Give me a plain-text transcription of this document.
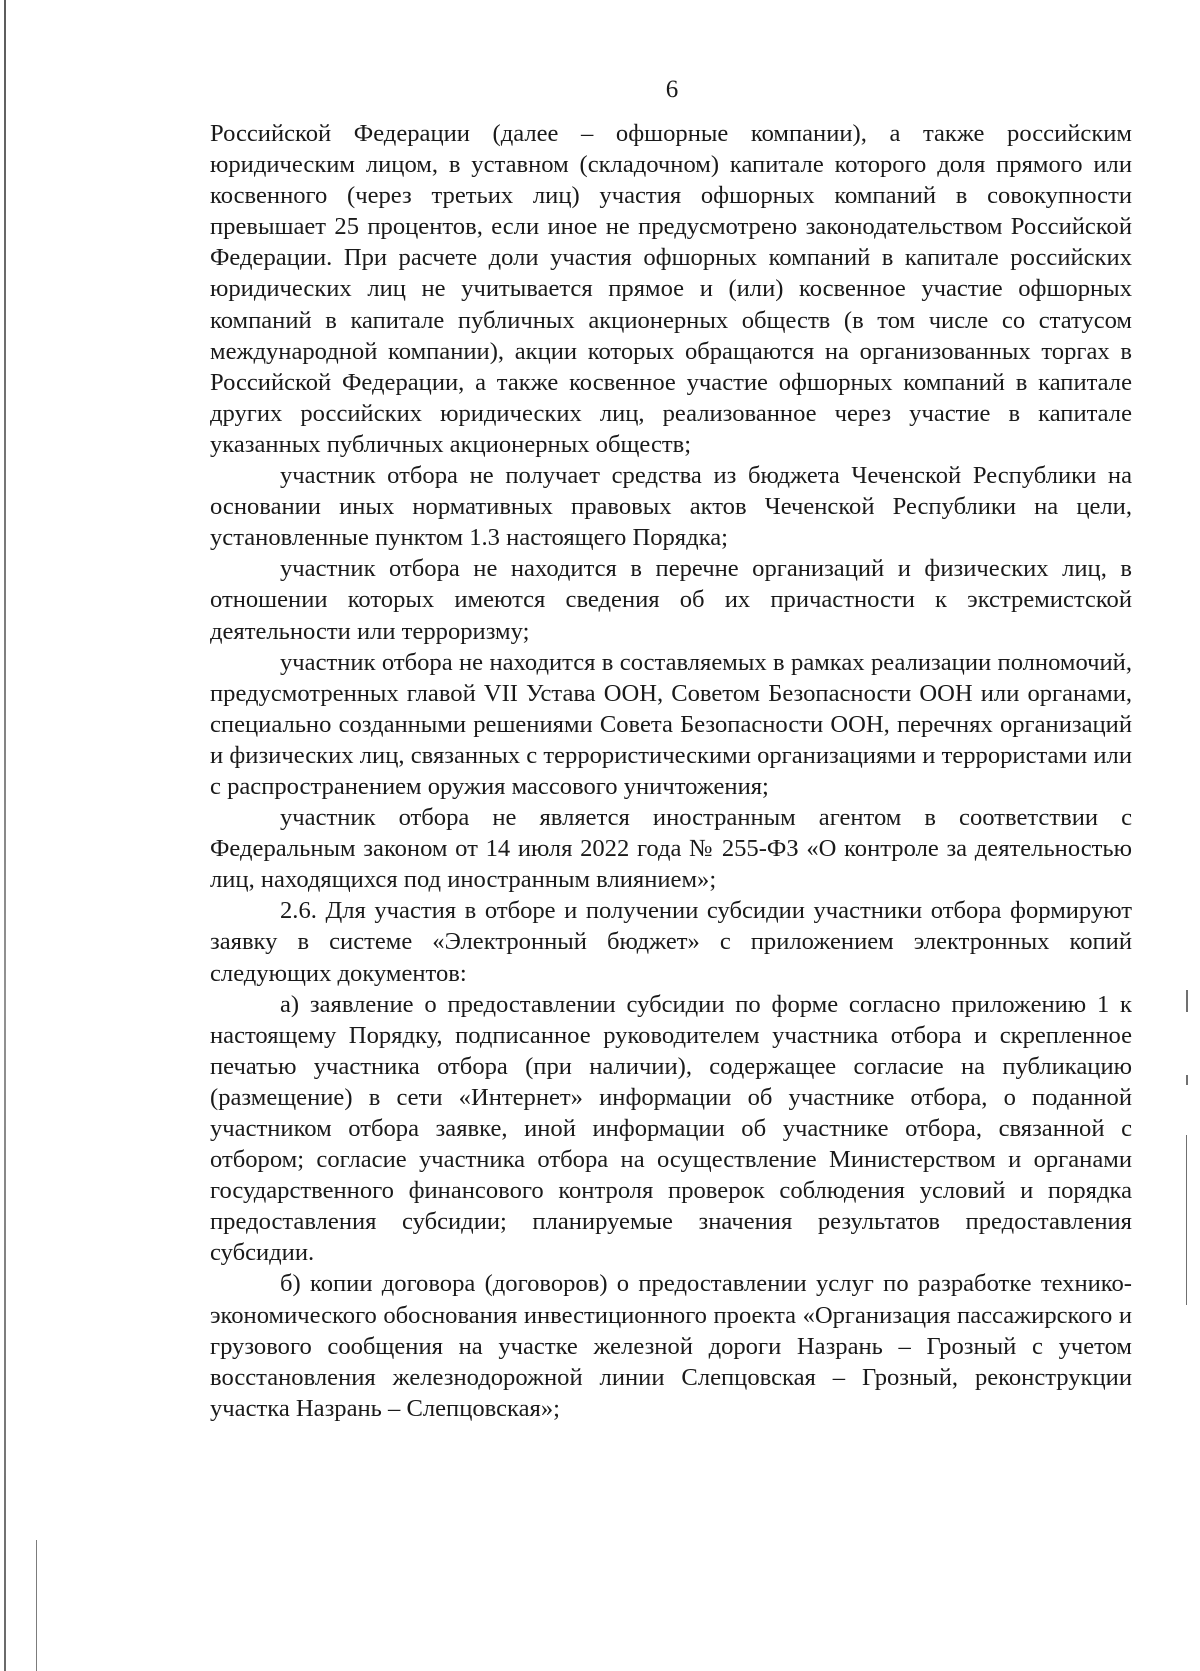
6

Российской Федерации (далее – офшорные компании), а также российским юридическим лицом, в уставном (складочном) капитале которого доля прямого или косвенного (через третьих лиц) участия офшорных компаний в совокупности превышает 25 процентов, если иное не предусмотрено законодательством Российской Федерации. При расчете доли участия офшорных компаний в капитале российских юридических лиц не учитывается прямое и (или) косвенное участие офшорных компаний в капитале публичных акционерных обществ (в том числе со статусом международной компании), акции которых обращаются на организованных торгах в Российской Федерации, а также косвенное участие офшорных компаний в капитале других российских юридических лиц, реализованное через участие в капитале указанных публичных акционерных обществ;

участник отбора не получает средства из бюджета Чеченской Республики на основании иных нормативных правовых актов Чеченской Республики на цели, установленные пунктом 1.3 настоящего Порядка;

участник отбора не находится в перечне организаций и физических лиц, в отношении которых имеются сведения об их причастности к экстремистской деятельности или терроризму;

участник отбора не находится в составляемых в рамках реализации полномочий, предусмотренных главой VII Устава ООН, Советом Безопасности ООН или органами, специально созданными решениями Совета Безопасности ООН, перечнях организаций и физических лиц, связанных с террористическими организациями и террористами или с распространением оружия массового уничтожения;

участник отбора не является иностранным агентом в соответствии с Федеральным законом от 14 июля 2022 года № 255-ФЗ «О контроле за деятельностью лиц, находящихся под иностранным влиянием»;

2.6. Для участия в отборе и получении субсидии участники отбора формируют заявку в системе «Электронный бюджет» с приложением электронных копий следующих документов:

а) заявление о предоставлении субсидии по форме согласно приложению 1 к настоящему Порядку, подписанное руководителем участника отбора и скрепленное печатью участника отбора (при наличии), содержащее согласие на публикацию (размещение) в сети «Интернет» информации об участнике отбора, о поданной участником отбора заявке, иной информации об участнике отбора, связанной с отбором; согласие участника отбора на осуществление Министерством и органами государственного финансового контроля проверок соблюдения условий и порядка предоставления субсидии; планируемые значения результатов предоставления субсидии.

б) копии договора (договоров) о предоставлении услуг по разработке технико-экономического обоснования инвестиционного проекта «Организация пассажирского и грузового сообщения на участке железной дороги Назрань – Грозный с учетом восстановления железнодорожной линии Слепцовская – Грозный, реконструкции участка Назрань – Слепцовская»;
